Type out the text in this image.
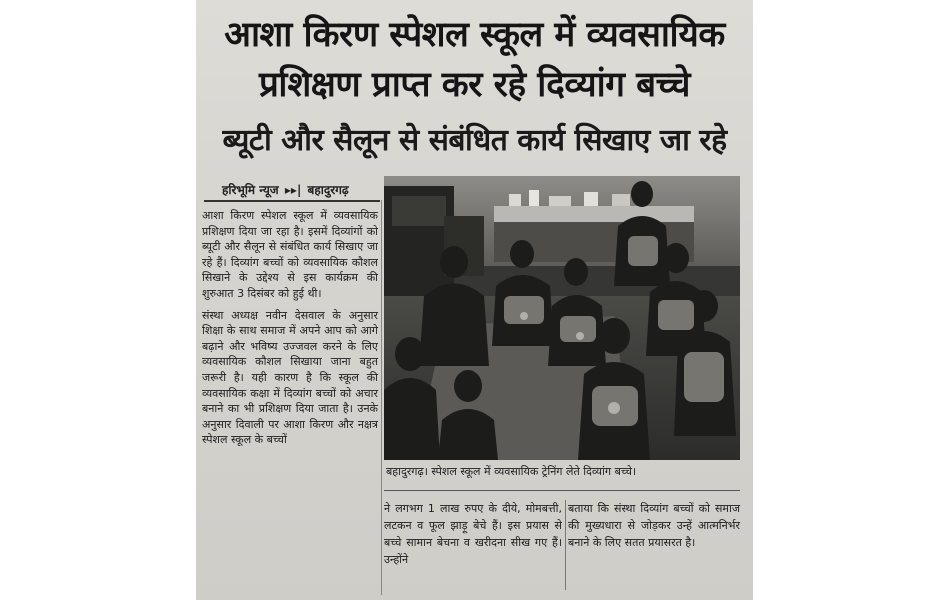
आशा किरण स्पेशल स्कूल में व्यवसायिक
प्रशिक्षण प्राप्त कर रहे दिव्यांग बच्चे
ब्यूटी और सैलून से संबंधित कार्य सिखाए जा रहे
हरिभूमि न्यूज ▸▸| बहादुरगढ़

आशा किरण स्पेशल स्कूल में व्यवसायिक प्रशिक्षण दिया जा रहा है। इसमें दिव्यांगों को ब्यूटी और सैलून से संबंधित कार्य सिखाए जा रहे हैं। दिव्यांग बच्चों को व्यवसायिक कौशल सिखाने के उद्देश्य से इस कार्यक्रम की शुरुआत 3 दिसंबर को हुई थी।

संस्था अध्यक्ष नवीन देसवाल के अनुसार शिक्षा के साथ समाज में अपने आप को आगे बढ़ाने और भविष्य उज्जवल करने के लिए व्यवसायिक कौशल सिखाया जाना बहुत जरूरी है। यही कारण है कि स्कूल की व्यवसायिक कक्षा में दिव्यांग बच्चों को अचार बनाने का भी प्रशिक्षण दिया जाता है। उनके अनुसार दिवाली पर आशा किरण और नक्षत्र स्पेशल स्कूल के बच्चों

बहादुरगढ़। स्पेशल स्कूल में व्यवसायिक ट्रेनिंग लेते दिव्यांग बच्चे।
ने लगभग 1 लाख रुपए के दीये, मोमबत्ती, लटकन व फूल झाड़ू बेचे हैं। इस प्रयास से बच्चे सामान बेचना व खरीदना सीख गए हैं। उन्होंने
बताया कि संस्था दिव्यांग बच्चों को समाज की मुख्यधारा से जोड़कर उन्हें आत्मनिर्भर बनाने के लिए सतत प्रयासरत है।
